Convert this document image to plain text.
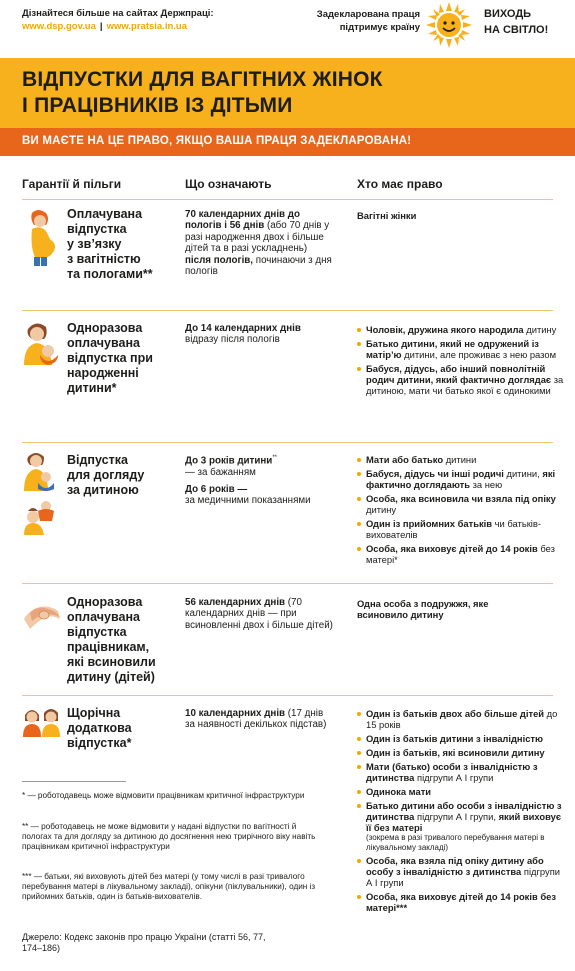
Дізнайтеся більше на сайтах Держпраці:
www.dsp.gov.ua | www.pratsia.in.ua
Задекларована праця
підтримує країну
ВИХОДЬ
НА СВІТЛО!
ВІДПУСТКИ ДЛЯ ВАГІТНИХ ЖІНОК
І ПРАЦІВНИКІВ ІЗ ДІТЬМИ
ВИ МАЄТЕ НА ЦЕ ПРАВО, ЯКЩО ВАША ПРАЦЯ ЗАДЕКЛАРОВАНА!
Гарантії й пільги	Що означають	Хто має право
Оплачувана
відпустка
у зв’язку
з вагітністю
та пологами**
70 календарних днів до пологів і 56 днів (або 70 днів у разі народження двох і більше дітей та в разі ускладнень) після пологів, починаючи з дня пологів
Вагітні жінки
Одноразова
оплачувана
відпустка при
народженні
дитини*
До 14 календарних днів відразу після пологів
Чоловік, дружина якого народила дитину
Батько дитини, який не одружений із матір’ю дитини, але проживає з нею разом
Бабуся, дідусь, або інший повнолітній родич дитини, який фактично доглядає за дитиною, мати чи батько якої є одинокими
Відпустка
для догляду
за дитиною
До 3 років дитини**
— за бажанням
До 6 років —
за медичними показаннями
Мати або батько дитини
Бабуся, дідусь чи інші родичі дитини, які фактично доглядають за нею
Особа, яка всиновила чи взяла під опіку дитину
Один із прийомних батьків чи батьків-вихователів
Особа, яка виховує дітей до 14 років без матері*
Одноразова
оплачувана
відпустка
працівникам,
які всиновили
дитину (дітей)
56 календарних днів (70 календарних днів — при всиновленні двох і більше дітей)
Одна особа з подружжя, яке всиновило дитину
Щорічна
додаткова
відпустка*
10 календарних днів (17 днів за наявності декількох підстав)
Один із батьків двох або більше дітей до 15 років
Один із батьків дитини з інвалідністю
Один із батьків, які всиновили дитину
Мати (батько) особи з інвалідністю з дитинства підгрупи А І групи
Одинока мати
Батько дитини або особи з інвалідністю з дитинства підгрупи А І групи, який виховує її без матері
(зокрема в разі тривалого перебування матері в лікувальному закладі)
Особа, яка взяла під опіку дитину або особу з інвалідністю з дитинства підгрупи А І групи
Особа, яка виховує дітей до 14 років без матері***
* — роботодавець може відмовити працівникам критичної інфраструктури
** — роботодавець не може відмовити у надані відпустки по вагітності й пологах та для догляду за дитиною до досягнення нею трирічного віку навіть працівникам критичної інфраструктури
*** — батьки, які виховують дітей без матері (у тому числі в разі тривалого перебування матері в лікувальному закладі), опікуни (піклувальники), один із прийомних батьків, один із батьків-вихователів.
Джерело: Кодекс законів про працю України (статті 56, 77, 174–186)
